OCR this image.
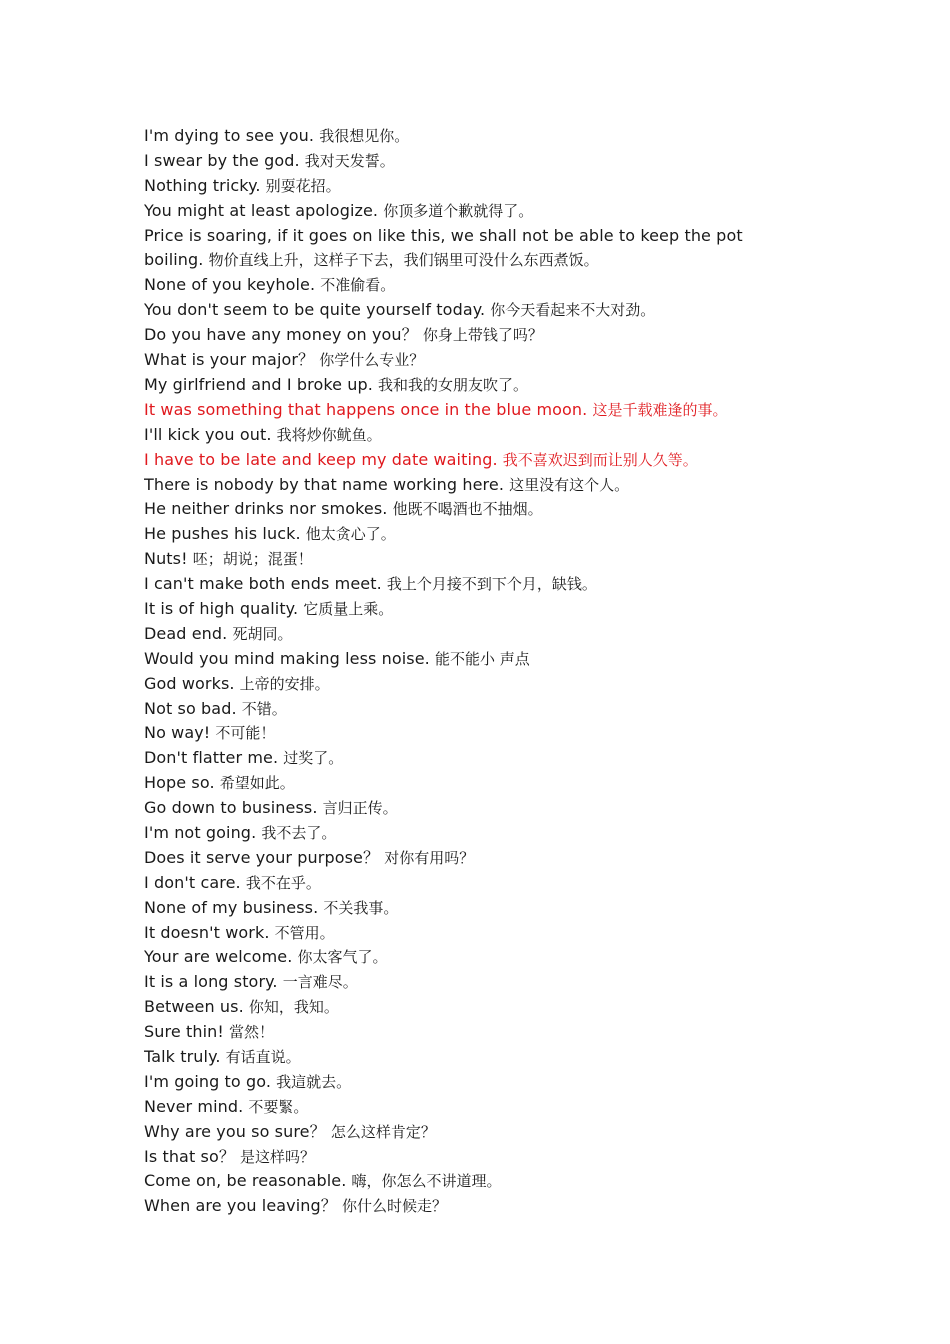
I'm dying to see you. 我很想见你。
I swear by the god. 我对天发誓。
Nothing tricky. 别耍花招。
You might at least apologize. 你顶多道个歉就得了。
Price is soaring, if it goes on like this, we shall not be able to keep the pot boiling. 物价直线上升，这样子下去，我们锅里可没什么东西煮饭。
None of you keyhole. 不准偷看。
You don't seem to be quite yourself today. 你今天看起来不大对劲。
Do you have any money on you？ 你身上带钱了吗？
What is your major？ 你学什么专业？
My girlfriend and I broke up. 我和我的女朋友吹了。
It was something that happens once in the blue moon. 这是千载难逢的事。
I'll kick you out. 我将炒你鱿鱼。
I have to be late and keep my date waiting. 我不喜欢迟到而让别人久等。
There is nobody by that name working here. 这里没有这个人。
He neither drinks nor smokes. 他既不喝酒也不抽烟。
He pushes his luck. 他太贪心了。
Nuts! 呸；胡说；混蛋！
I can't make both ends meet. 我上个月接不到下个月，缺钱。
It is of high quality. 它质量上乘。
Dead end. 死胡同。
Would you mind making less noise. 能不能小 声点
God works. 上帝的安排。
Not so bad. 不错。
No way! 不可能！
Don't flatter me. 过奖了。
Hope so. 希望如此。
Go down to business. 言归正传。
I'm not going. 我不去了。
Does it serve your purpose？ 对你有用吗？
I don't care. 我不在乎。
None of my business. 不关我事。
It doesn't work. 不管用。
Your are welcome. 你太客气了。
It is a long story. 一言难尽。
Between us. 你知，我知。
Sure thin! 當然！
Talk truly. 有话直说。
I'm going to go. 我這就去。
Never mind. 不要緊。
Why are you so sure？ 怎么这样肯定？
Is that so？ 是这样吗？
Come on, be reasonable. 嗨，你怎么不讲道理。
When are you leaving？ 你什么时候走？
